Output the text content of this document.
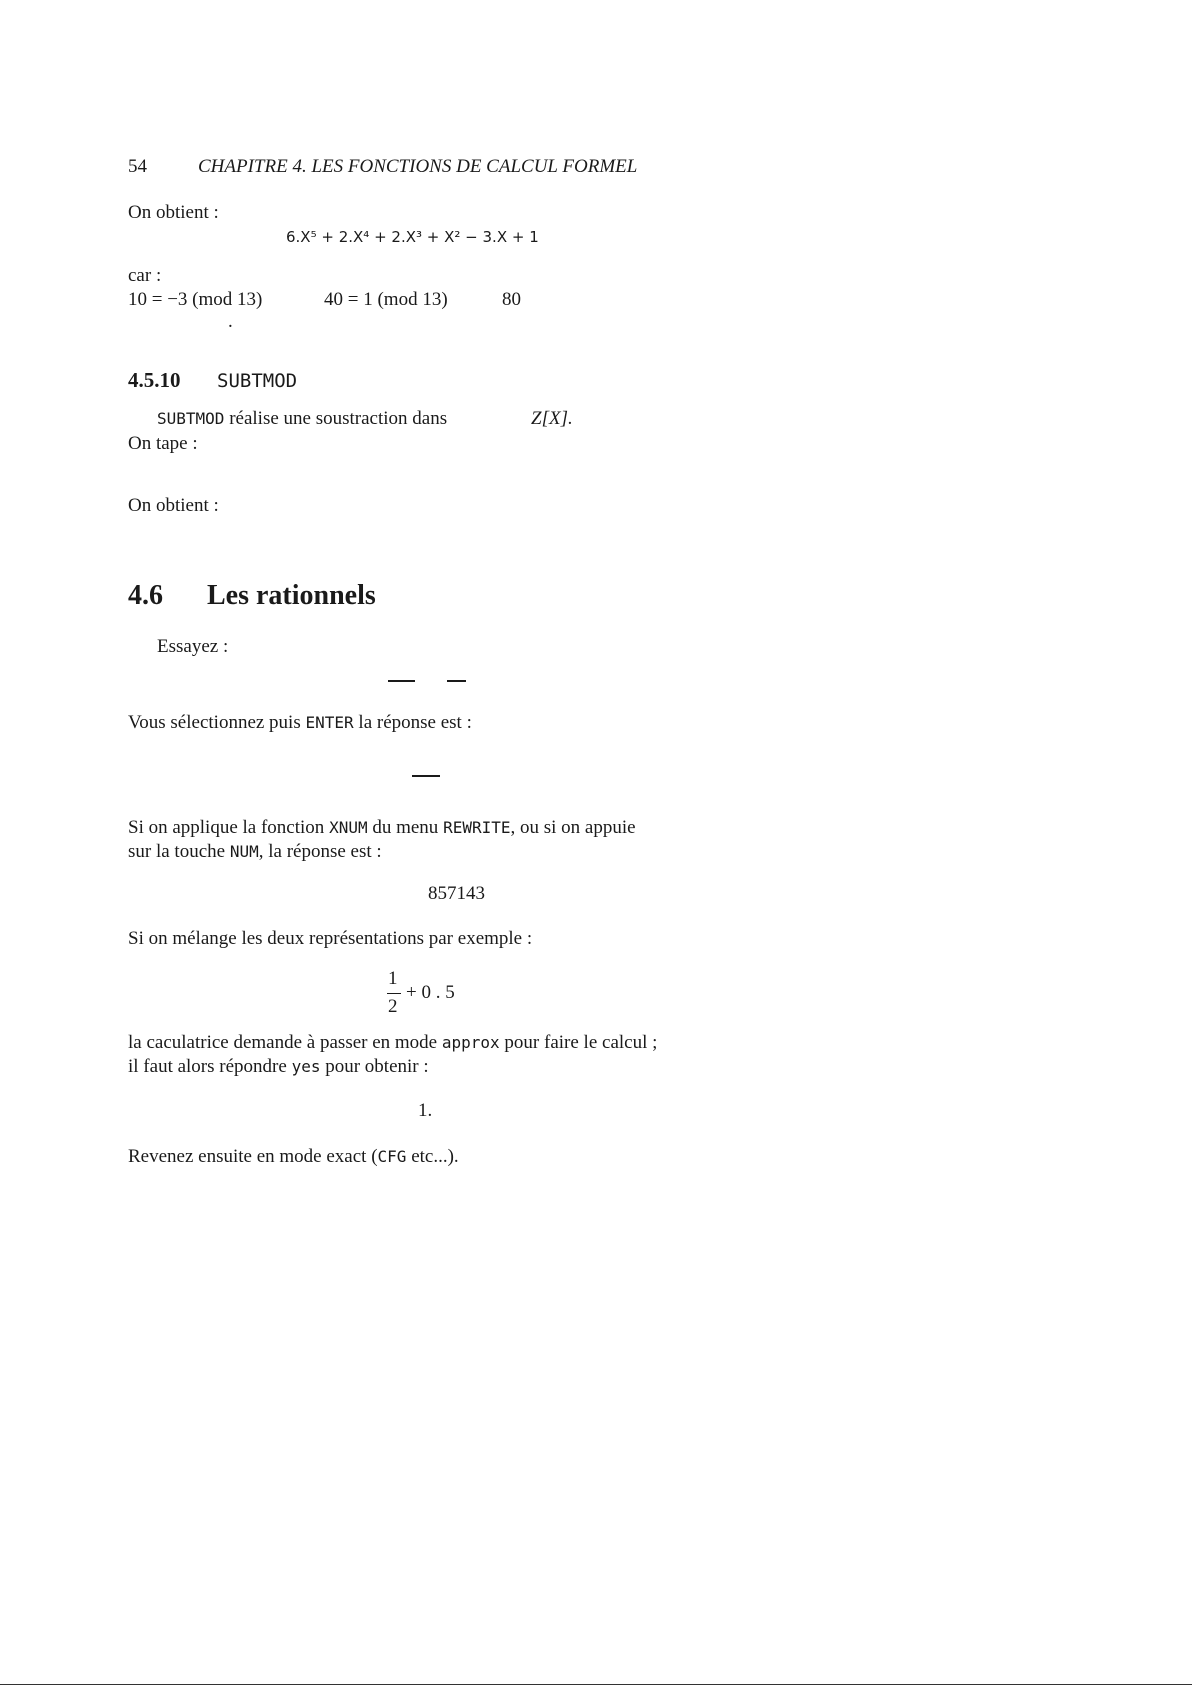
54	CHAPITRE 4. LES FONCTIONS DE CALCUL FORMEL
On obtient :
6.X⁵ + 2.X⁴ + 2.X³ + X² − 3.X + 1
car :
10 = −3 (mod 13)	40 = 1 (mod 13)	80
.
4.5.10 SUBTMOD
SUBTMOD réalise une soustraction dans	Z[X].
On tape :
On obtient :
4.6 Les rationnels
Essayez :
Vous sélectionnez puis ENTER la réponse est :
Si on applique la fonction XNUM du menu REWRITE, ou si on appuie
sur la touche NUM, la réponse est :
857143
Si on mélange les deux représentations par exemple :
1
2
+ 0 . 5
la caculatrice demande à passer en mode approx pour faire le calcul ;
il faut alors répondre yes pour obtenir :
1.
Revenez ensuite en mode exact (CFG etc...).
